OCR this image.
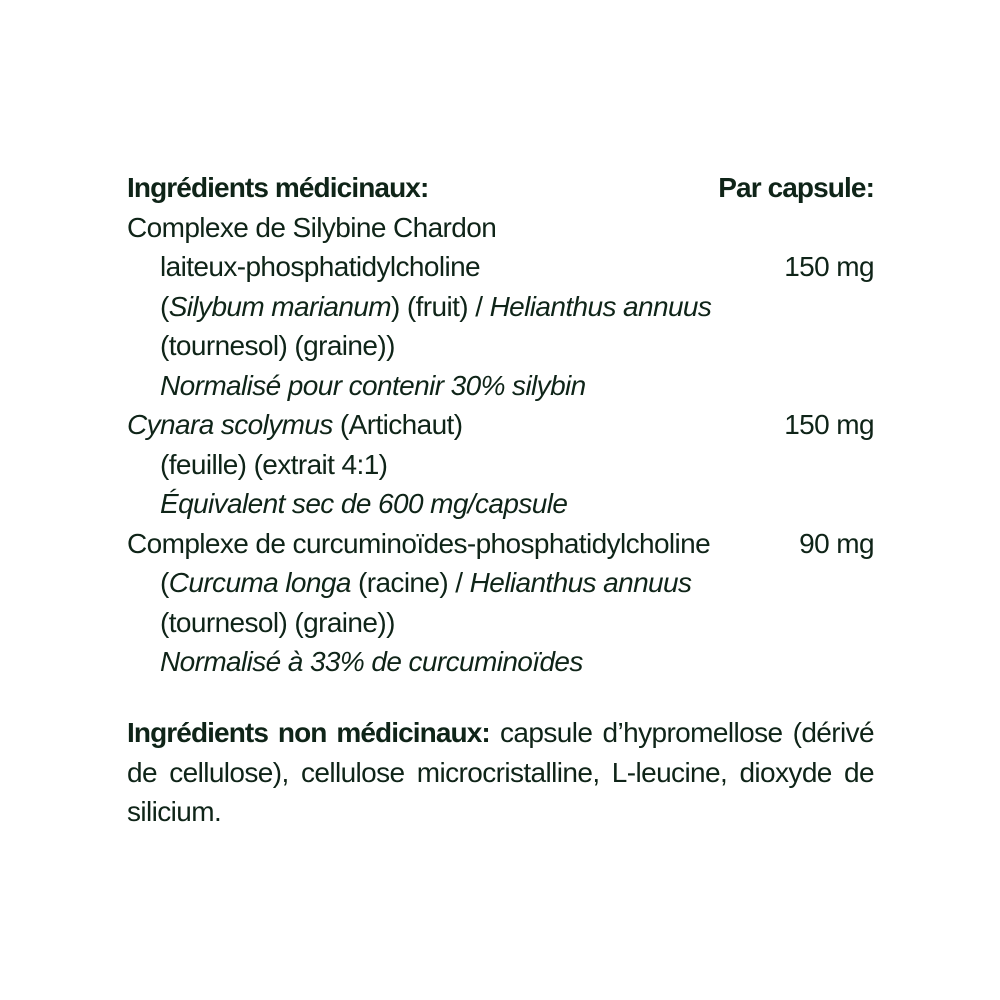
Ingrédients médicinaux:	Par capsule:
Complexe de Silybine Chardon
laiteux-phosphatidylcholine	150 mg
(Silybum marianum) (fruit) / Helianthus annuus
(tournesol) (graine))
Normalisé pour contenir 30% silybin
Cynara scolymus (Artichaut)	150 mg
(feuille) (extrait 4:1)
Équivalent sec de 600 mg/capsule
Complexe de curcuminoïdes-phosphatidylcholine	90 mg
(Curcuma longa (racine) / Helianthus annuus
(tournesol) (graine))
Normalisé à 33% de curcuminoïdes
Ingrédients non médicinaux: capsule d’hypromellose (dérivé de cellulose), cellulose microcristalline, L-leucine, dioxyde de silicium.
